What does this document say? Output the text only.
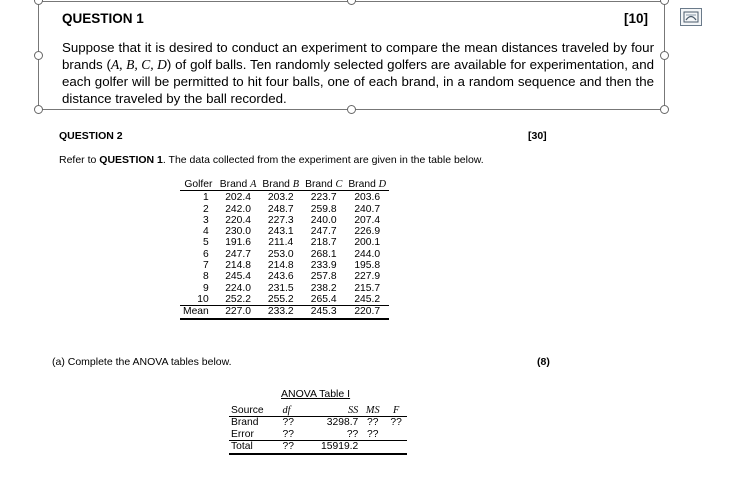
QUESTION 1	[10]
Suppose that it is desired to conduct an experiment to compare the mean distances traveled by four brands (A, B, C, D) of golf balls. Ten randomly selected golfers are available for experimentation, and each golfer will be permitted to hit four balls, one of each brand, in a random sequence and then the distance traveled by the ball recorded.
QUESTION 2	[30]
Refer to QUESTION 1. The data collected from the experiment are given in the table below.
Golfer	Brand A	Brand B	Brand C	Brand D
1	202.4	203.2	223.7	203.6
2	242.0	248.7	259.8	240.7
3	220.4	227.3	240.0	207.4
4	230.0	243.1	247.7	226.9
5	191.6	211.4	218.7	200.1
6	247.7	253.0	268.1	244.0
7	214.8	214.8	233.9	195.8
8	245.4	243.6	257.8	227.9
9	224.0	231.5	238.2	215.7
10	252.2	255.2	265.4	245.2
Mean	227.0	233.2	245.3	220.7
(a) Complete the ANOVA tables below.	(8)
ANOVA Table I
Source	df	SS	MS	F
Brand	??	3298.7	??	??
Error	??	??	??	
Total	??	15919.2		
